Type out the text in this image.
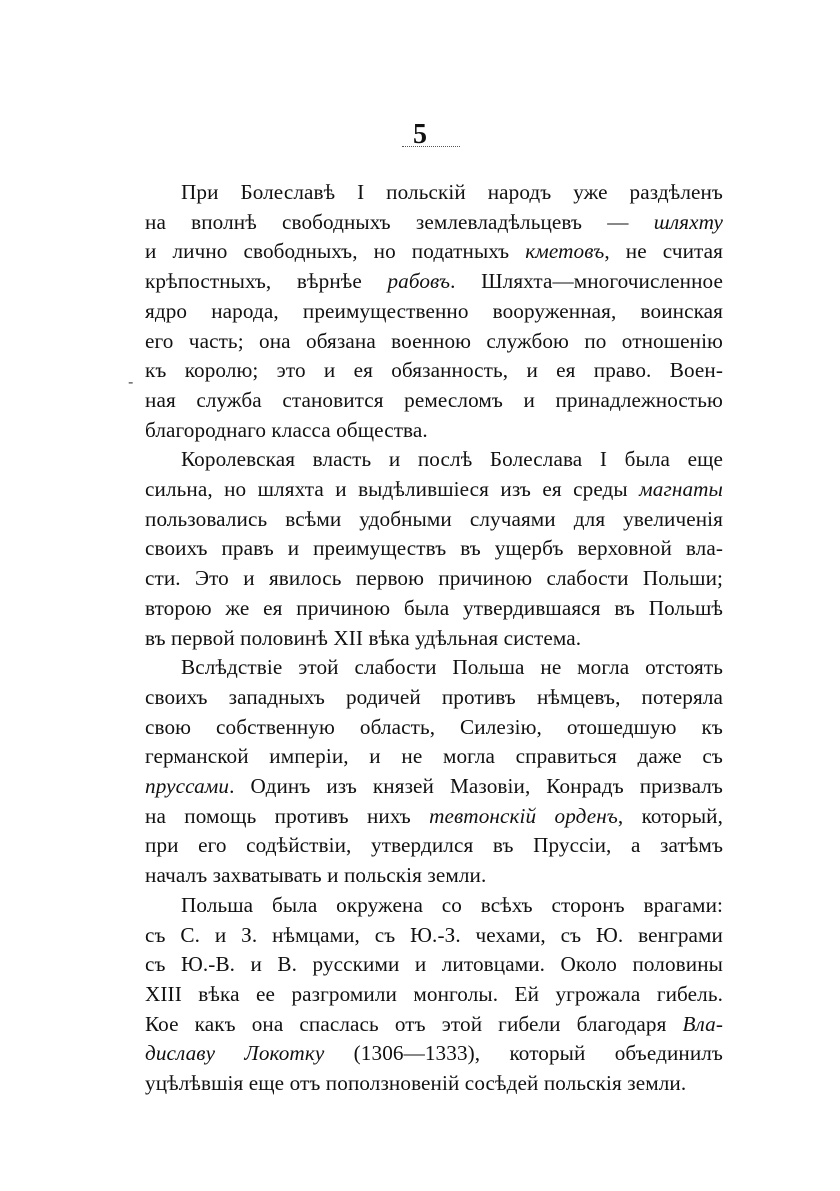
5
-
При Болеславѣ I польскій народъ уже раздѣленъ
на вполнѣ свободныхъ землевладѣльцевъ — шляхту
и лично свободныхъ, но податныхъ кметовъ, не считая
крѣпостныхъ, вѣрнѣе рабовъ. Шляхта—многочисленное
ядро народа, преимущественно вооруженная, воинская
его часть; она обязана военною службою по отношенію
къ королю; это и ея обязанность, и ея право. Воен-
ная служба становится ремесломъ и принадлежностью
благороднаго класса общества.
Королевская власть и послѣ Болеслава I была еще
сильна, но шляхта и выдѣлившіеся изъ ея среды магнаты
пользовались всѣми удобными случаями для увеличенія
своихъ правъ и преимуществъ въ ущербъ верховной вла-
сти. Это и явилось первою причиною слабости Польши;
второю же ея причиною была утвердившаяся въ Польшѣ
въ первой половинѣ XII вѣка удѣльная система.
Вслѣдствіе этой слабости Польша не могла отстоять
своихъ западныхъ родичей противъ нѣмцевъ, потеряла
свою собственную область, Силезію, отошедшую къ
германской имперіи, и не могла справиться даже съ
пруссами. Одинъ изъ князей Мазовіи, Конрадъ призвалъ
на помощь противъ нихъ тевтонскій орденъ, который,
при его содѣйствіи, утвердился въ Пруссіи, а затѣмъ
началъ захватывать и польскія земли.
Польша была окружена со всѣхъ сторонъ врагами:
съ С. и З. нѣмцами, съ Ю.-З. чехами, съ Ю. венграми
съ Ю.-В. и В. русскими и литовцами. Около половины
XIII вѣка ее разгромили монголы. Ей угрожала гибель.
Кое какъ она спаслась отъ этой гибели благодаря Вла-
диславу Локотку (1306—1333), который объединилъ
уцѣлѣвшія еще отъ поползновеній сосѣдей польскія земли.
